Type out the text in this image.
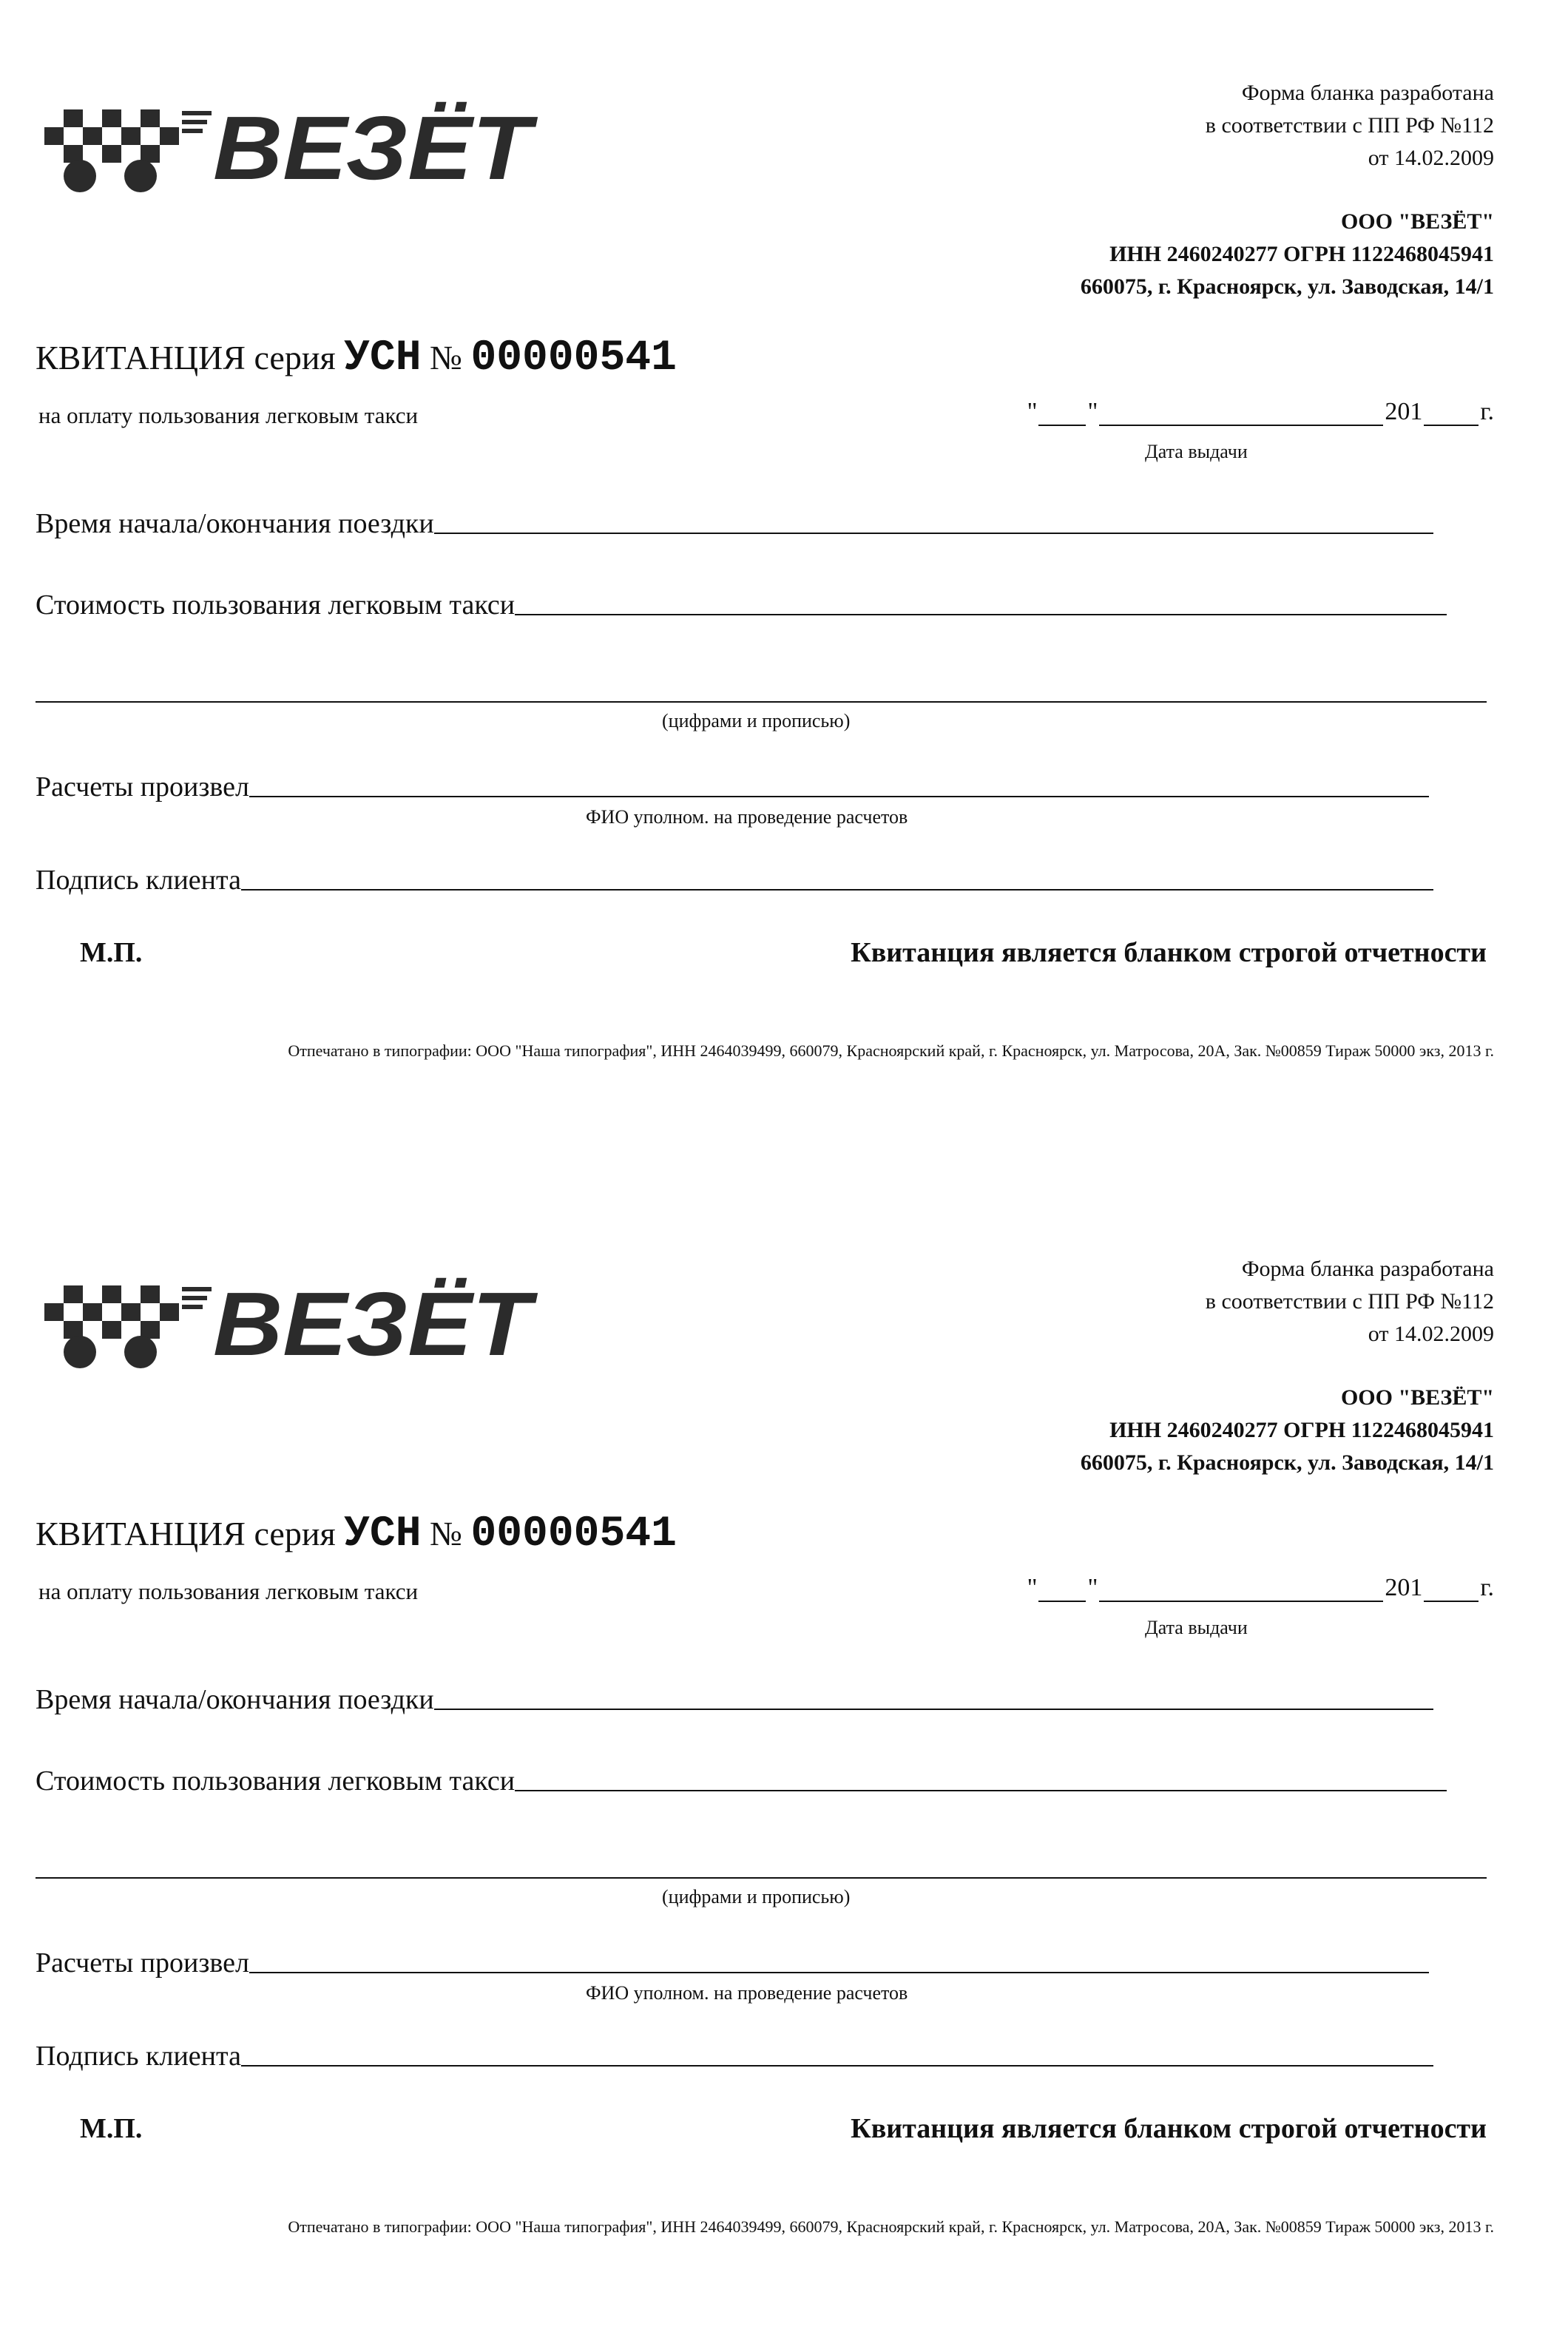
ВЕЗЁТ
Форма бланка разработана
в соответствии с ПП РФ №112
от 14.02.2009
ООО "ВЕЗЁТ"
ИНН 2460240277 ОГРН 1122468045941
660075, г. Красноярск, ул. Заводская, 14/1
КВИТАНЦИЯ серия УСН № 00000541
на оплату пользования легковым такси	" "	201 г.
Дата выдачи
Время начала/окончания поездки
Стоимость пользования легковым такси
(цифрами и прописью)
Расчеты произвел
ФИО уполном. на проведение расчетов
Подпись клиента
М.П.	Квитанция является бланком строгой отчетности
Отпечатано в типографии: ООО "Наша типография", ИНН 2464039499, 660079, Красноярский край, г. Красноярск, ул. Матросова, 20А, Зак. №00859 Тираж 50000 экз, 2013 г.
ВЕЗЁТ
Форма бланка разработана
в соответствии с ПП РФ №112
от 14.02.2009
ООО "ВЕЗЁТ"
ИНН 2460240277 ОГРН 1122468045941
660075, г. Красноярск, ул. Заводская, 14/1
КВИТАНЦИЯ серия УСН № 00000541
на оплату пользования легковым такси	" "	201 г.
Дата выдачи
Время начала/окончания поездки
Стоимость пользования легковым такси
(цифрами и прописью)
Расчеты произвел
ФИО уполном. на проведение расчетов
Подпись клиента
М.П.	Квитанция является бланком строгой отчетности
Отпечатано в типографии: ООО "Наша типография", ИНН 2464039499, 660079, Красноярский край, г. Красноярск, ул. Матросова, 20А, Зак. №00859 Тираж 50000 экз, 2013 г.
